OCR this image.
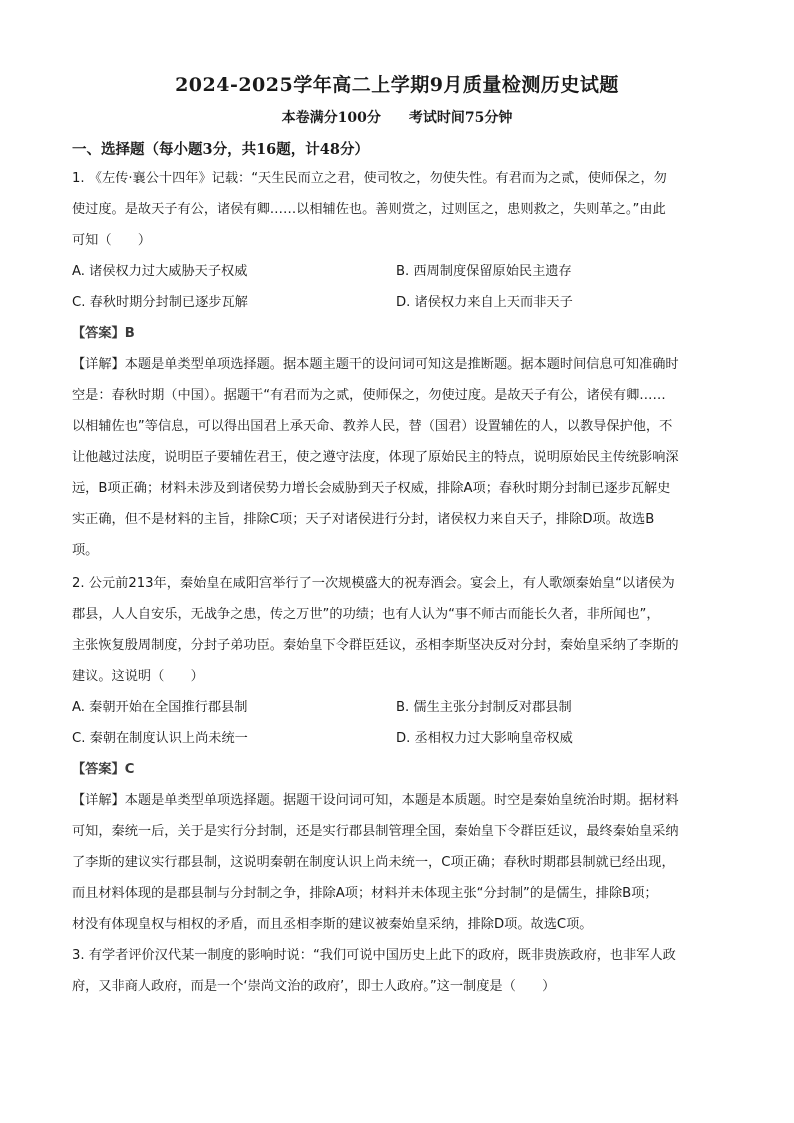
2024-2025学年高二上学期9月质量检测历史试题
本卷满分100分 考试时间75分钟
一、选择题（每小题3分，共16题，计48分）
1. 《左传·襄公十四年》记载：“天生民而立之君，使司牧之，勿使失性。有君而为之贰，使师保之，勿
使过度。是故天子有公，诸侯有卿……以相辅佐也。善则赏之，过则匡之，患则救之，失则革之。”由此
可知（　　）
A. 诸侯权力过大威胁天子权威	B. 西周制度保留原始民主遗存
C. 春秋时期分封制已逐步瓦解	D. 诸侯权力来自上天而非天子
【答案】B
【详解】本题是单类型单项选择题。据本题主题干的设问词可知这是推断题。据本题时间信息可知准确时
空是：春秋时期（中国）。据题干“有君而为之贰，使师保之，勿使过度。是故天子有公，诸侯有卿……
以相辅佐也”等信息，可以得出国君上承天命、教养人民，替（国君）设置辅佐的人，以教导保护他，不
让他越过法度，说明臣子要辅佐君王，使之遵守法度，体现了原始民主的特点，说明原始民主传统影响深
远，B项正确；材料未涉及到诸侯势力增长会威胁到天子权威，排除A项；春秋时期分封制已逐步瓦解史
实正确，但不是材料的主旨，排除C项；天子对诸侯进行分封，诸侯权力来自天子，排除D项。故选B
项。
2. 公元前213年，秦始皇在咸阳宫举行了一次规模盛大的祝寿酒会。宴会上，有人歌颂秦始皇“以诸侯为
郡县，人人自安乐，无战争之患，传之万世”的功绩；也有人认为“事不师古而能长久者，非所闻也”，
主张恢复殷周制度，分封子弟功臣。秦始皇下令群臣廷议，丞相李斯坚决反对分封，秦始皇采纳了李斯的
建议。这说明（　　）
A. 秦朝开始在全国推行郡县制	B. 儒生主张分封制反对郡县制
C. 秦朝在制度认识上尚未统一	D. 丞相权力过大影响皇帝权威
【答案】C
【详解】本题是单类型单项选择题。据题干设问词可知，本题是本质题。时空是秦始皇统治时期。据材料
可知，秦统一后，关于是实行分封制，还是实行郡县制管理全国，秦始皇下令群臣廷议，最终秦始皇采纳
了李斯的建议实行郡县制，这说明秦朝在制度认识上尚未统一，C项正确；春秋时期郡县制就已经出现，
而且材料体现的是郡县制与分封制之争，排除A项；材料并未体现主张“分封制”的是儒生，排除B项；
材没有体现皇权与相权的矛盾，而且丞相李斯的建议被秦始皇采纳，排除D项。故选C项。
3. 有学者评价汉代某一制度的影响时说：“我们可说中国历史上此下的政府，既非贵族政府，也非军人政
府，又非商人政府，而是一个‘崇尚文治的政府’，即士人政府。”这一制度是（　　）
